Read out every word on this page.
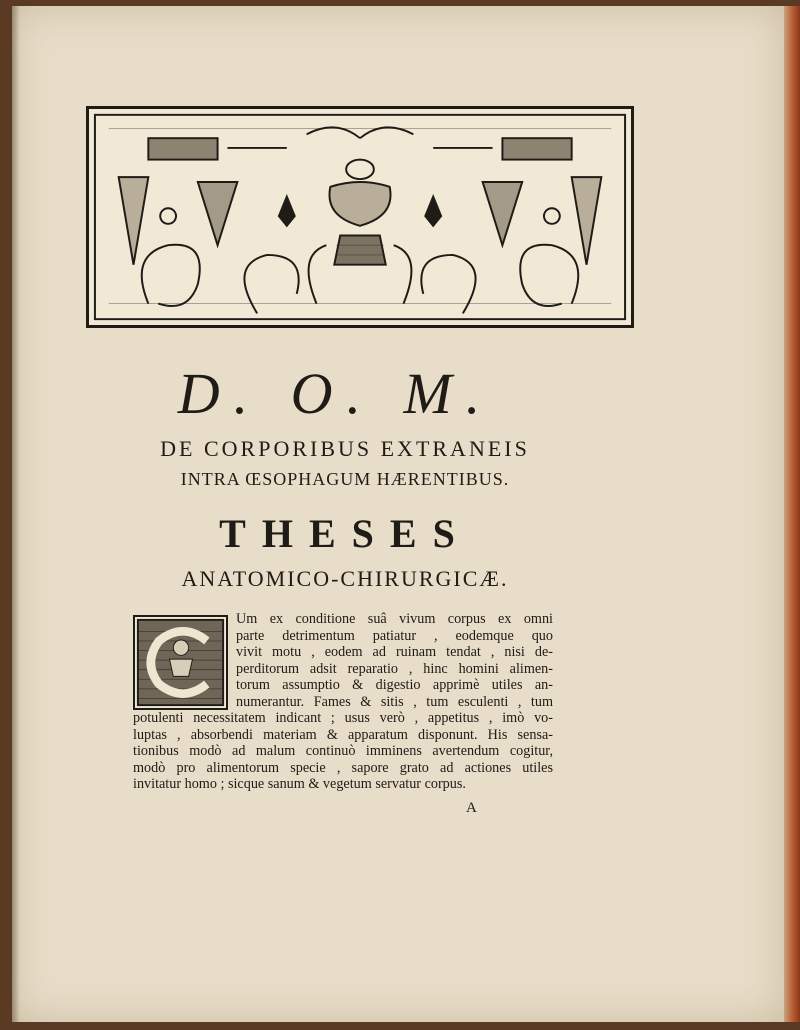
D. O. M.
DE CORPORIBUS EXTRANEIS
INTRA ŒSOPHAGUM HÆRENTIBUS.
THESES
ANATOMICO-CHIRURGICÆ.
Um ex conditione suâ vivum corpus ex omni
parte detrimentum patiatur , eodemque quo
vivit motu , eodem ad ruinam tendat , nisi de-
perditorum adsit reparatio , hinc homini alimen-
torum assumptio & digestio apprimè utiles an-
numerantur. Fames & sitis , tum esculenti , tum
potulenti necessitatem indicant ; usus verò , appetitus , imò vo-
luptas , absorbendi materiam & apparatum disponunt. His sensa-
tionibus modò ad malum continuò imminens avertendum cogitur,
modò pro alimentorum specie , sapore grato ad actiones utiles
invitatur homo ; sicque sanum & vegetum servatur corpus.
A
